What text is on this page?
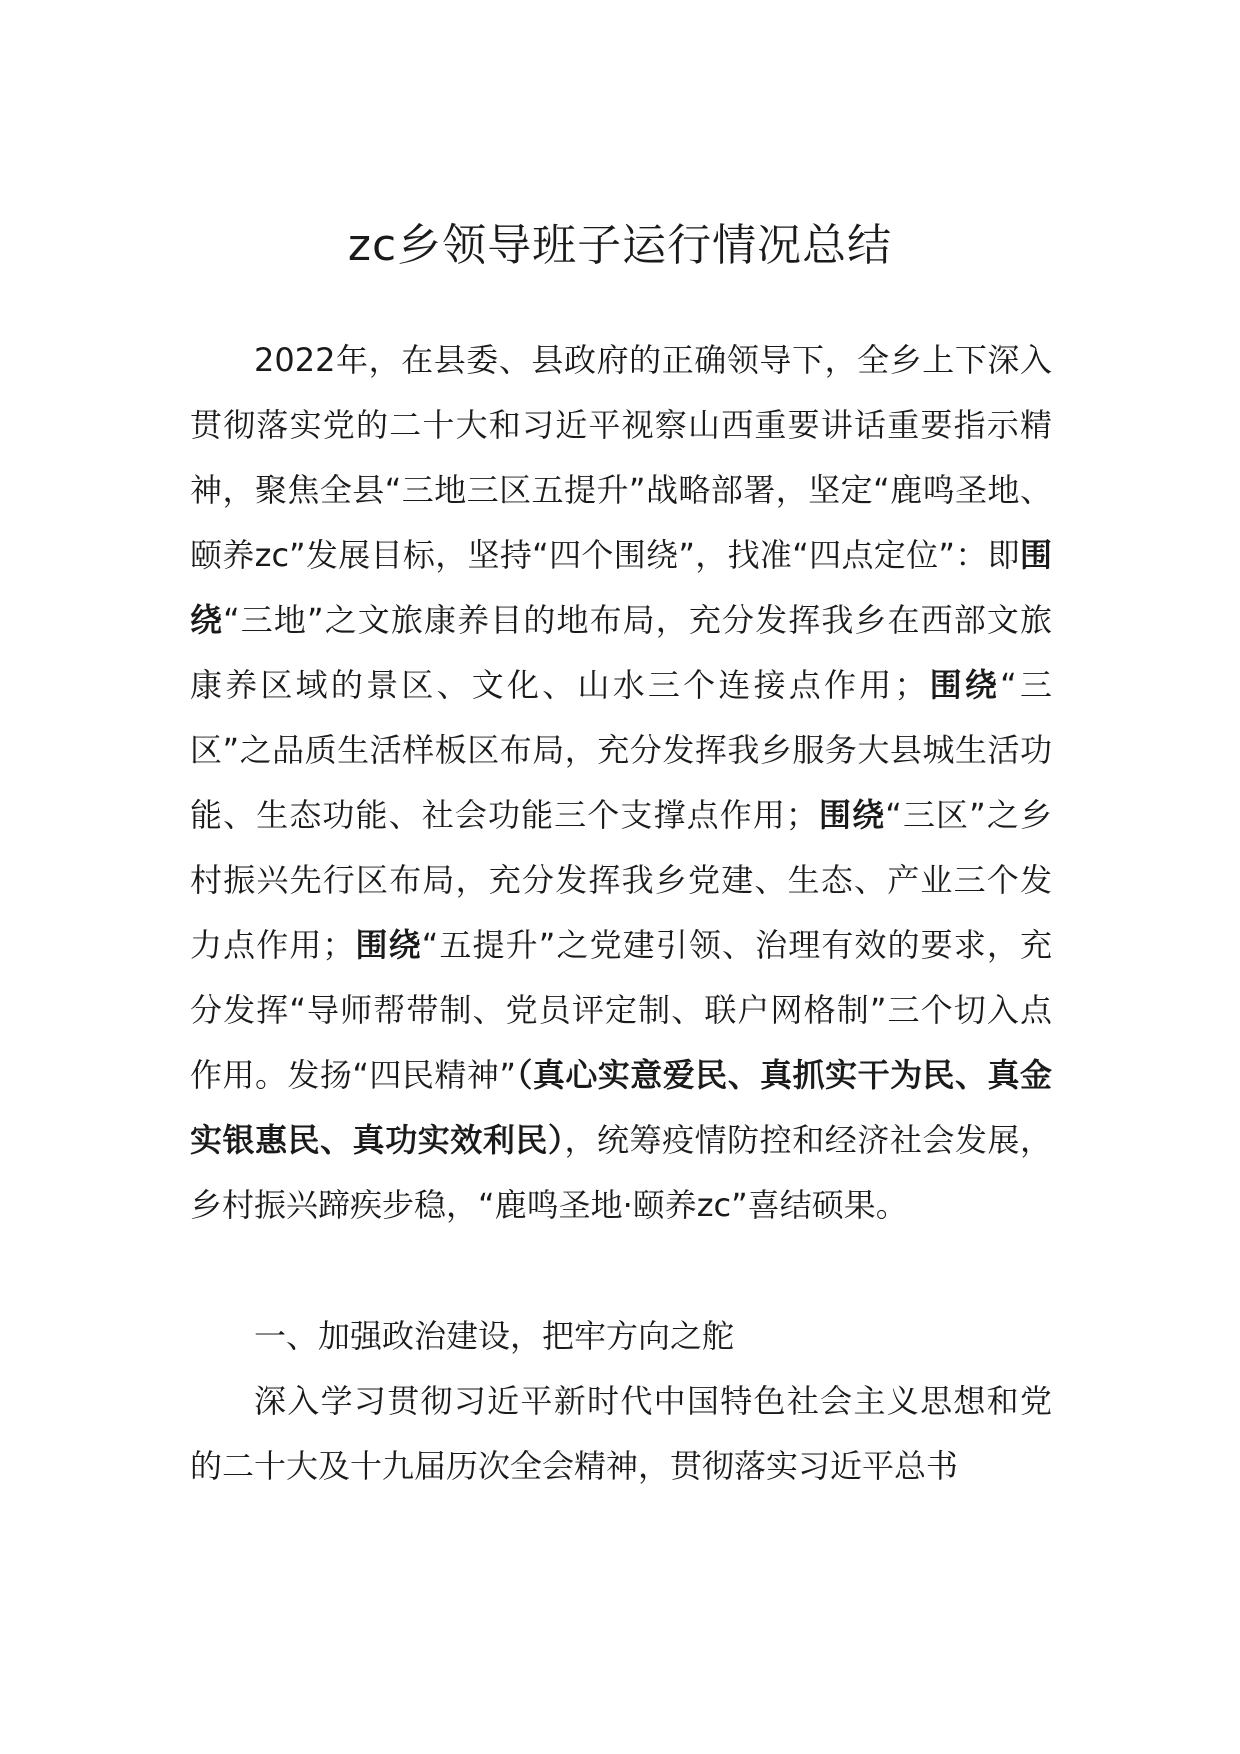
zc乡领导班子运行情况总结

2022年，在县委、县政府的正确领导下，全乡上下深入贯彻落实党的二十大和习近平视察山西重要讲话重要指示精神，聚焦全县“三地三区五提升”战略部署，坚定“鹿鸣圣地、颐养zc”发展目标，坚持“四个围绕”，找准“四点定位”：即围绕“三地”之文旅康养目的地布局，充分发挥我乡在西部文旅康养区域的景区、文化、山水三个连接点作用；围绕“三区”之品质生活样板区布局，充分发挥我乡服务大县城生活功能、生态功能、社会功能三个支撑点作用；围绕“三区”之乡村振兴先行区布局，充分发挥我乡党建、生态、产业三个发力点作用；围绕“五提升”之党建引领、治理有效的要求，充分发挥“导师帮带制、党员评定制、联户网格制”三个切入点作用。发扬“四民精神”（真心实意爱民、真抓实干为民、真金实银惠民、真功实效利民），统筹疫情防控和经济社会发展，乡村振兴蹄疾步稳，“鹿鸣圣地·颐养zc”喜结硕果。

一、加强政治建设，把牢方向之舵

深入学习贯彻习近平新时代中国特色社会主义思想和党的二十大及十九届历次全会精神，贯彻落实习近平总书
